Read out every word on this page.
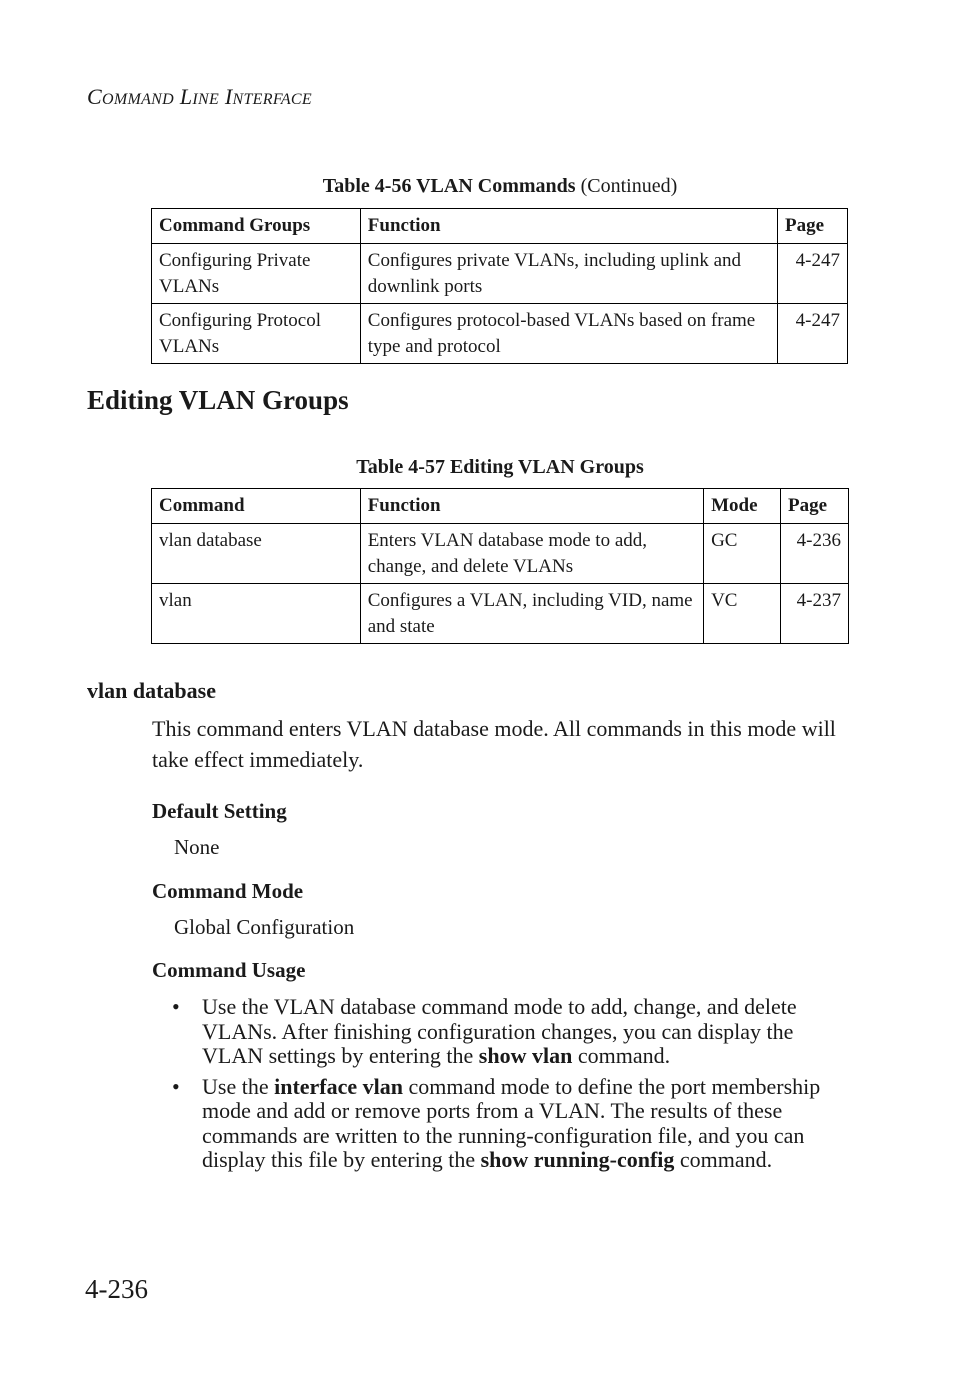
COMMAND LINE INTERFACE
Table 4-56 VLAN Commands (Continued)
Command Groups	Function	Page
Configuring Private VLANs	Configures private VLANs, including uplink and downlink ports	4-247
Configuring Protocol VLANs	Configures protocol-based VLANs based on frame type and protocol	4-247
Editing VLAN Groups
Table 4-57 Editing VLAN Groups
Command	Function	Mode	Page
vlan database	Enters VLAN database mode to add, change, and delete VLANs	GC	4-236
vlan	Configures a VLAN, including VID, name and state	VC	4-237
vlan database
This command enters VLAN database mode. All commands in this mode will take effect immediately.
Default Setting
None
Command Mode
Global Configuration
Command Usage
• Use the VLAN database command mode to add, change, and delete VLANs. After finishing configuration changes, you can display the VLAN settings by entering the show vlan command.
• Use the interface vlan command mode to define the port membership mode and add or remove ports from a VLAN. The results of these commands are written to the running-configuration file, and you can display this file by entering the show running-config command.
4-236
